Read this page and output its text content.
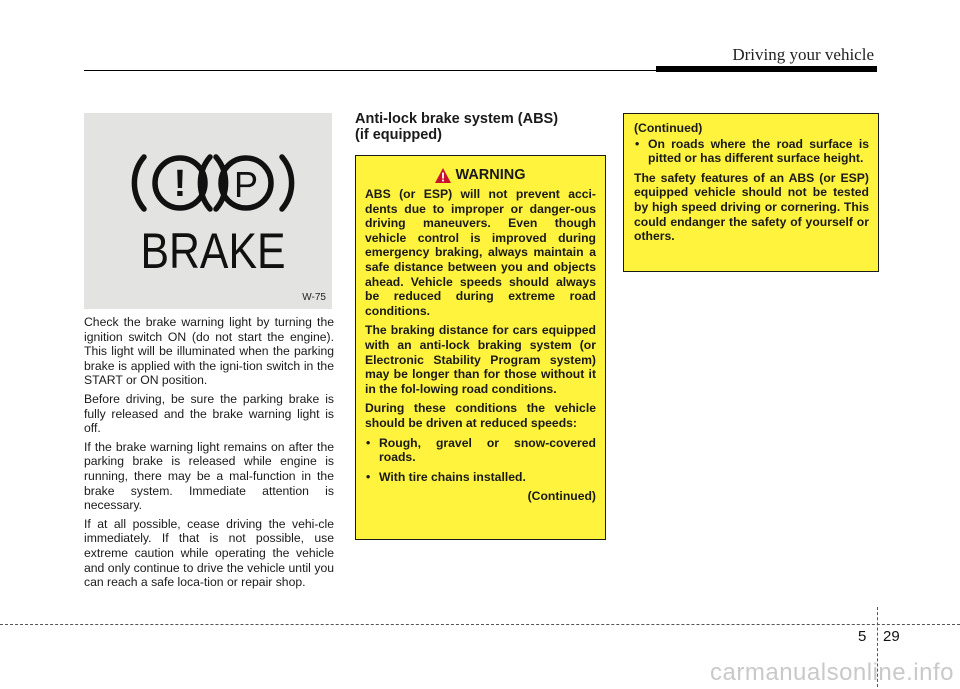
Driving your vehicle
! P
BRAKE
W-75

Check the brake warning light by turning the ignition switch ON (do not start the engine). This light will be illuminated when the parking brake is applied with the igni-tion switch in the START or ON position.

Before driving, be sure the parking brake is fully released and the brake warning light is off.

If the brake warning light remains on after the parking brake is released while engine is running, there may be a mal-function in the brake system. Immediate attention is necessary.

If at all possible, cease driving the vehi-cle immediately. If that is not possible, use extreme caution while operating the vehicle and only continue to drive the vehicle until you can reach a safe loca-tion or repair shop.

Anti-lock brake system (ABS)
(if equipped)
WARNING

ABS (or ESP) will not prevent acci-dents due to improper or danger-ous driving maneuvers. Even though vehicle control is improved during emergency braking, always maintain a safe distance between you and objects ahead. Vehicle speeds should always be reduced during extreme road conditions.

The braking distance for cars equipped with an anti-lock braking system (or Electronic Stability Program system) may be longer than for those without it in the fol-lowing road conditions.

During these conditions the vehicle should be driven at reduced speeds:

• Rough, gravel or snow-covered roads.
• With tire chains installed.
(Continued)

(Continued)

• On roads where the road surface is pitted or has different surface height.

The safety features of an ABS (or ESP) equipped vehicle should not be tested by high speed driving or cornering. This could endanger the safety of yourself or others.

5 29
carmanualsonline.info
